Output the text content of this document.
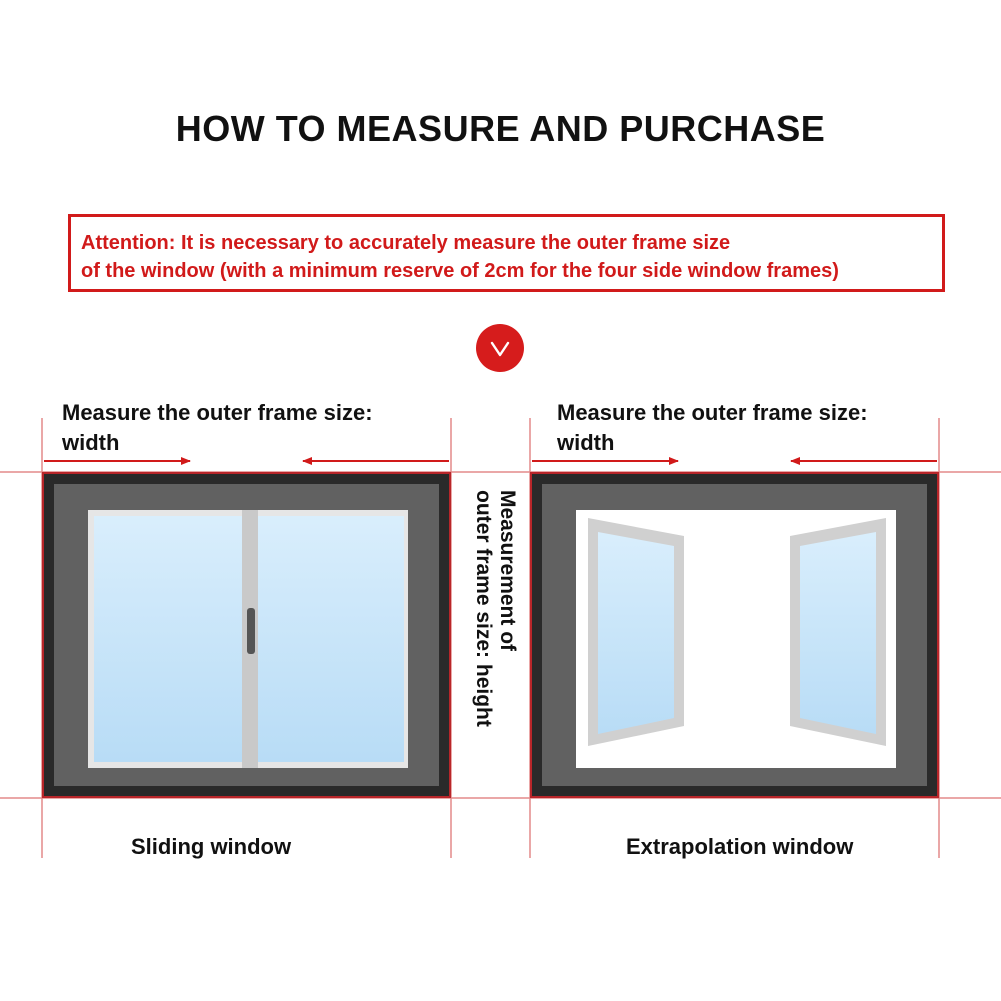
HOW TO MEASURE AND PURCHASE
Attention: It is necessary to accurately measure the outer frame size
of the window (with a minimum reserve of 2cm for the four side window frames)
Measure the outer frame size:
width
Measure the outer frame size:
width
Measurement of
outer frame size: height
Sliding window	Extrapolation window
